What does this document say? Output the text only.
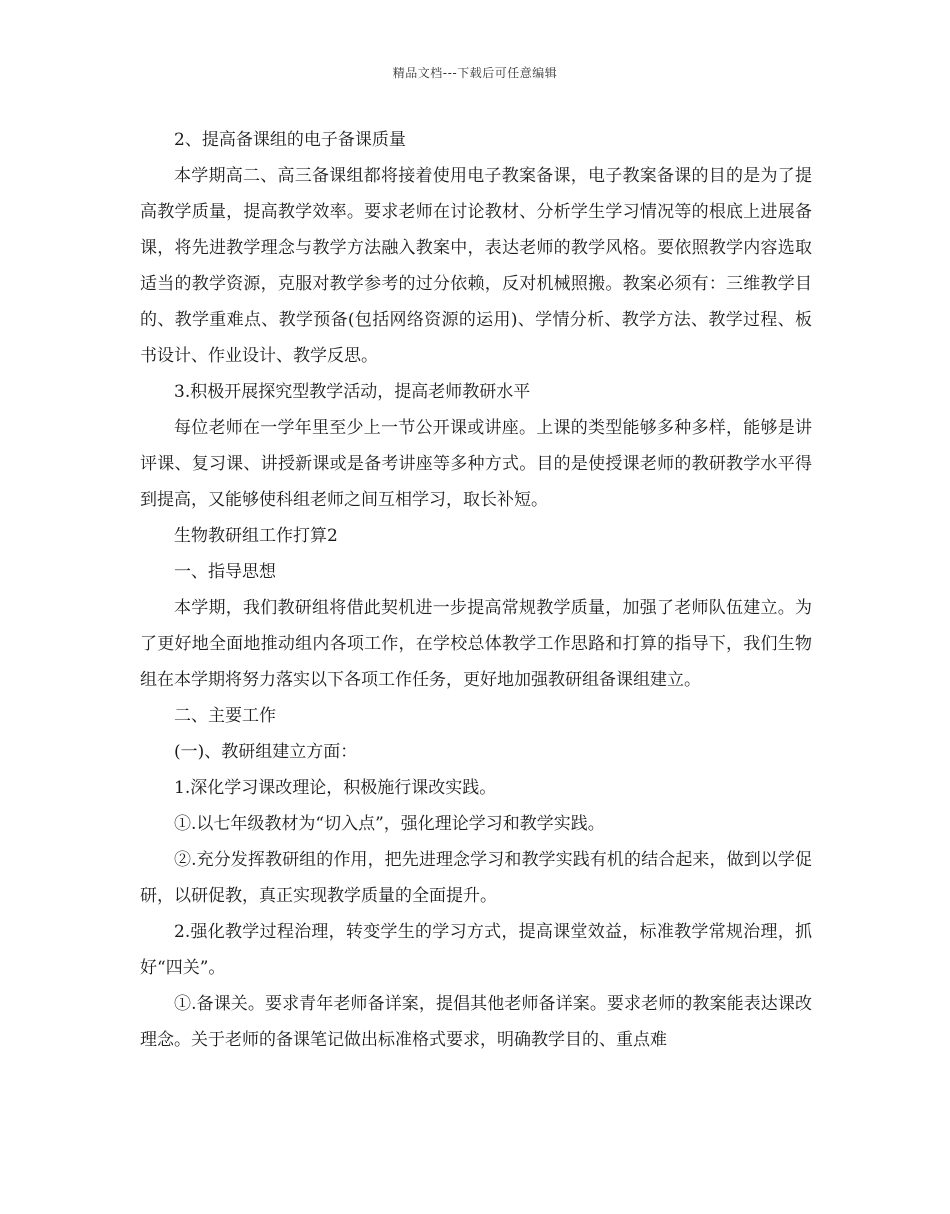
精品文档---下载后可任意编辑

2、提高备课组的电子备课质量

本学期高二、高三备课组都将接着使用电子教案备课，电子教案备课的目的是为了提高教学质量，提高教学效率。要求老师在讨论教材、分析学生学习情况等的根底上进展备课，将先进教学理念与教学方法融入教案中，表达老师的教学风格。要依照教学内容选取适当的教学资源，克服对教学参考的过分依赖，反对机械照搬。教案必须有：三维教学目的、教学重难点、教学预备(包括网络资源的运用)、学情分析、教学方法、教学过程、板书设计、作业设计、教学反思。

3.积极开展探究型教学活动，提高老师教研水平

每位老师在一学年里至少上一节公开课或讲座。上课的类型能够多种多样，能够是讲评课、复习课、讲授新课或是备考讲座等多种方式。目的是使授课老师的教研教学水平得到提高，又能够使科组老师之间互相学习，取长补短。

生物教研组工作打算2

一、指导思想

本学期，我们教研组将借此契机进一步提高常规教学质量，加强了老师队伍建立。为了更好地全面地推动组内各项工作，在学校总体教学工作思路和打算的指导下，我们生物组在本学期将努力落实以下各项工作任务，更好地加强教研组备课组建立。

二、主要工作

(一)、教研组建立方面：

1.深化学习课改理论，积极施行课改实践。

①.以七年级教材为“切入点”，强化理论学习和教学实践。

②.充分发挥教研组的作用，把先进理念学习和教学实践有机的结合起来，做到以学促研，以研促教，真正实现教学质量的全面提升。

2.强化教学过程治理，转变学生的学习方式，提高课堂效益，标准教学常规治理，抓好“四关”。

①.备课关。要求青年老师备详案，提倡其他老师备详案。要求老师的教案能表达课改理念。关于老师的备课笔记做出标准格式要求，明确教学目的、重点难
